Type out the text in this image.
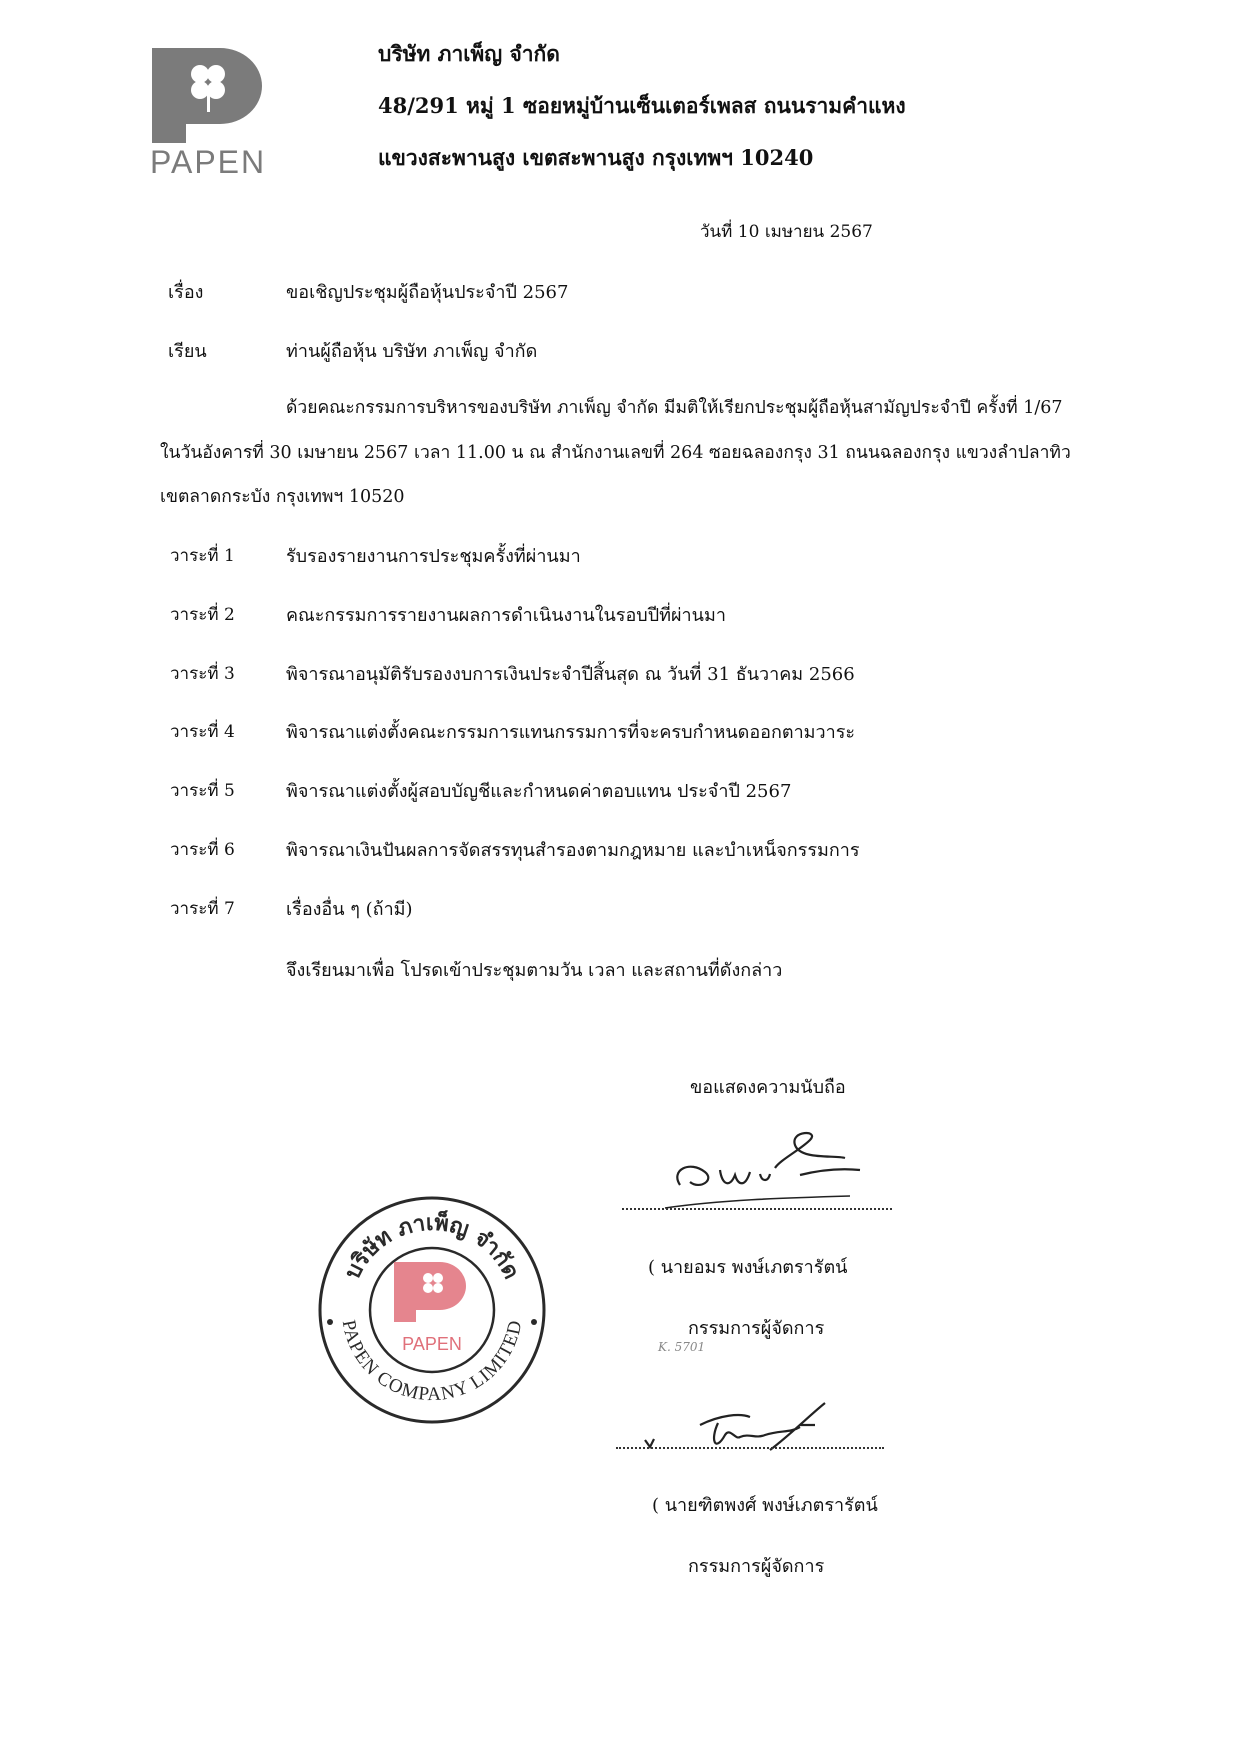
PAPEN
บริษัท ภาเพ็ญ จำกัด
48/291 หมู่ 1 ซอยหมู่บ้านเซ็นเตอร์เพลส ถนนรามคำแหง
แขวงสะพานสูง เขตสะพานสูง กรุงเทพฯ 10240
วันที่ 10 เมษายน 2567
เรื่อง	ขอเชิญประชุมผู้ถือหุ้นประจำปี 2567
เรียน	ท่านผู้ถือหุ้น บริษัท ภาเพ็ญ จำกัด
ด้วยคณะกรรมการบริหารของบริษัท ภาเพ็ญ จำกัด มีมติให้เรียกประชุมผู้ถือหุ้นสามัญประจำปี ครั้งที่ 1/67
ในวันอังคารที่ 30 เมษายน 2567 เวลา 11.00 น ณ สำนักงานเลขที่ 264 ซอยฉลองกรุง 31 ถนนฉลองกรุง แขวงลำปลาทิว
เขตลาดกระบัง กรุงเทพฯ 10520
วาระที่ 1	รับรองรายงานการประชุมครั้งที่ผ่านมา
วาระที่ 2	คณะกรรมการรายงานผลการดำเนินงานในรอบปีที่ผ่านมา
วาระที่ 3	พิจารณาอนุมัติรับรองงบการเงินประจำปีสิ้นสุด ณ วันที่ 31 ธันวาคม 2566
วาระที่ 4	พิจารณาแต่งตั้งคณะกรรมการแทนกรรมการที่จะครบกำหนดออกตามวาระ
วาระที่ 5	พิจารณาแต่งตั้งผู้สอบบัญชีและกำหนดค่าตอบแทน ประจำปี 2567
วาระที่ 6	พิจารณาเงินปันผลการจัดสรรทุนสำรองตามกฎหมาย และบำเหน็จกรรมการ
วาระที่ 7	เรื่องอื่น ๆ (ถ้ามี)
จึงเรียนมาเพื่อ โปรดเข้าประชุมตามวัน เวลา และสถานที่ดังกล่าว
ขอแสดงความนับถือ
( นายอมร พงษ์เภตรารัตน์
กรรมการผู้จัดการ
K. 5701
( นายฑิตพงศ์ พงษ์เภตรารัตน์
กรรมการผู้จัดการ
บริษัท ภาเพ็ญ จำกัด
PAPEN COMPANY LIMITED
PAPEN
